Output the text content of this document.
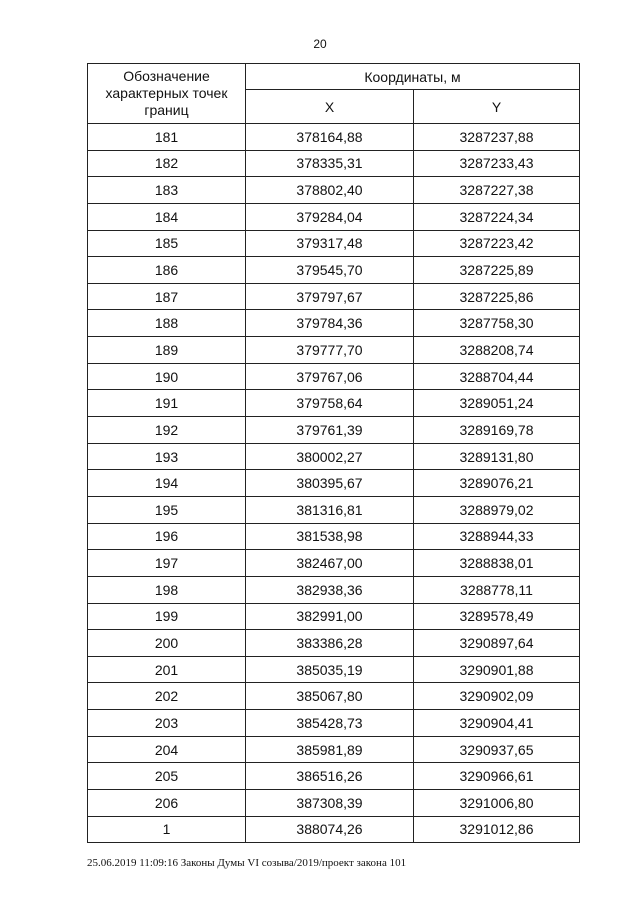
20
Обозначение характерных точек границ	Координаты, м	
	X	Y
181	378164,88	3287237,88
182	378335,31	3287233,43
183	378802,40	3287227,38
184	379284,04	3287224,34
185	379317,48	3287223,42
186	379545,70	3287225,89
187	379797,67	3287225,86
188	379784,36	3287758,30
189	379777,70	3288208,74
190	379767,06	3288704,44
191	379758,64	3289051,24
192	379761,39	3289169,78
193	380002,27	3289131,80
194	380395,67	3289076,21
195	381316,81	3288979,02
196	381538,98	3288944,33
197	382467,00	3288838,01
198	382938,36	3288778,11
199	382991,00	3289578,49
200	383386,28	3290897,64
201	385035,19	3290901,88
202	385067,80	3290902,09
203	385428,73	3290904,41
204	385981,89	3290937,65
205	386516,26	3290966,61
206	387308,39	3291006,80
1	388074,26	3291012,86
25.06.2019 11:09:16 Законы Думы VI созыва/2019/проект закона 101
